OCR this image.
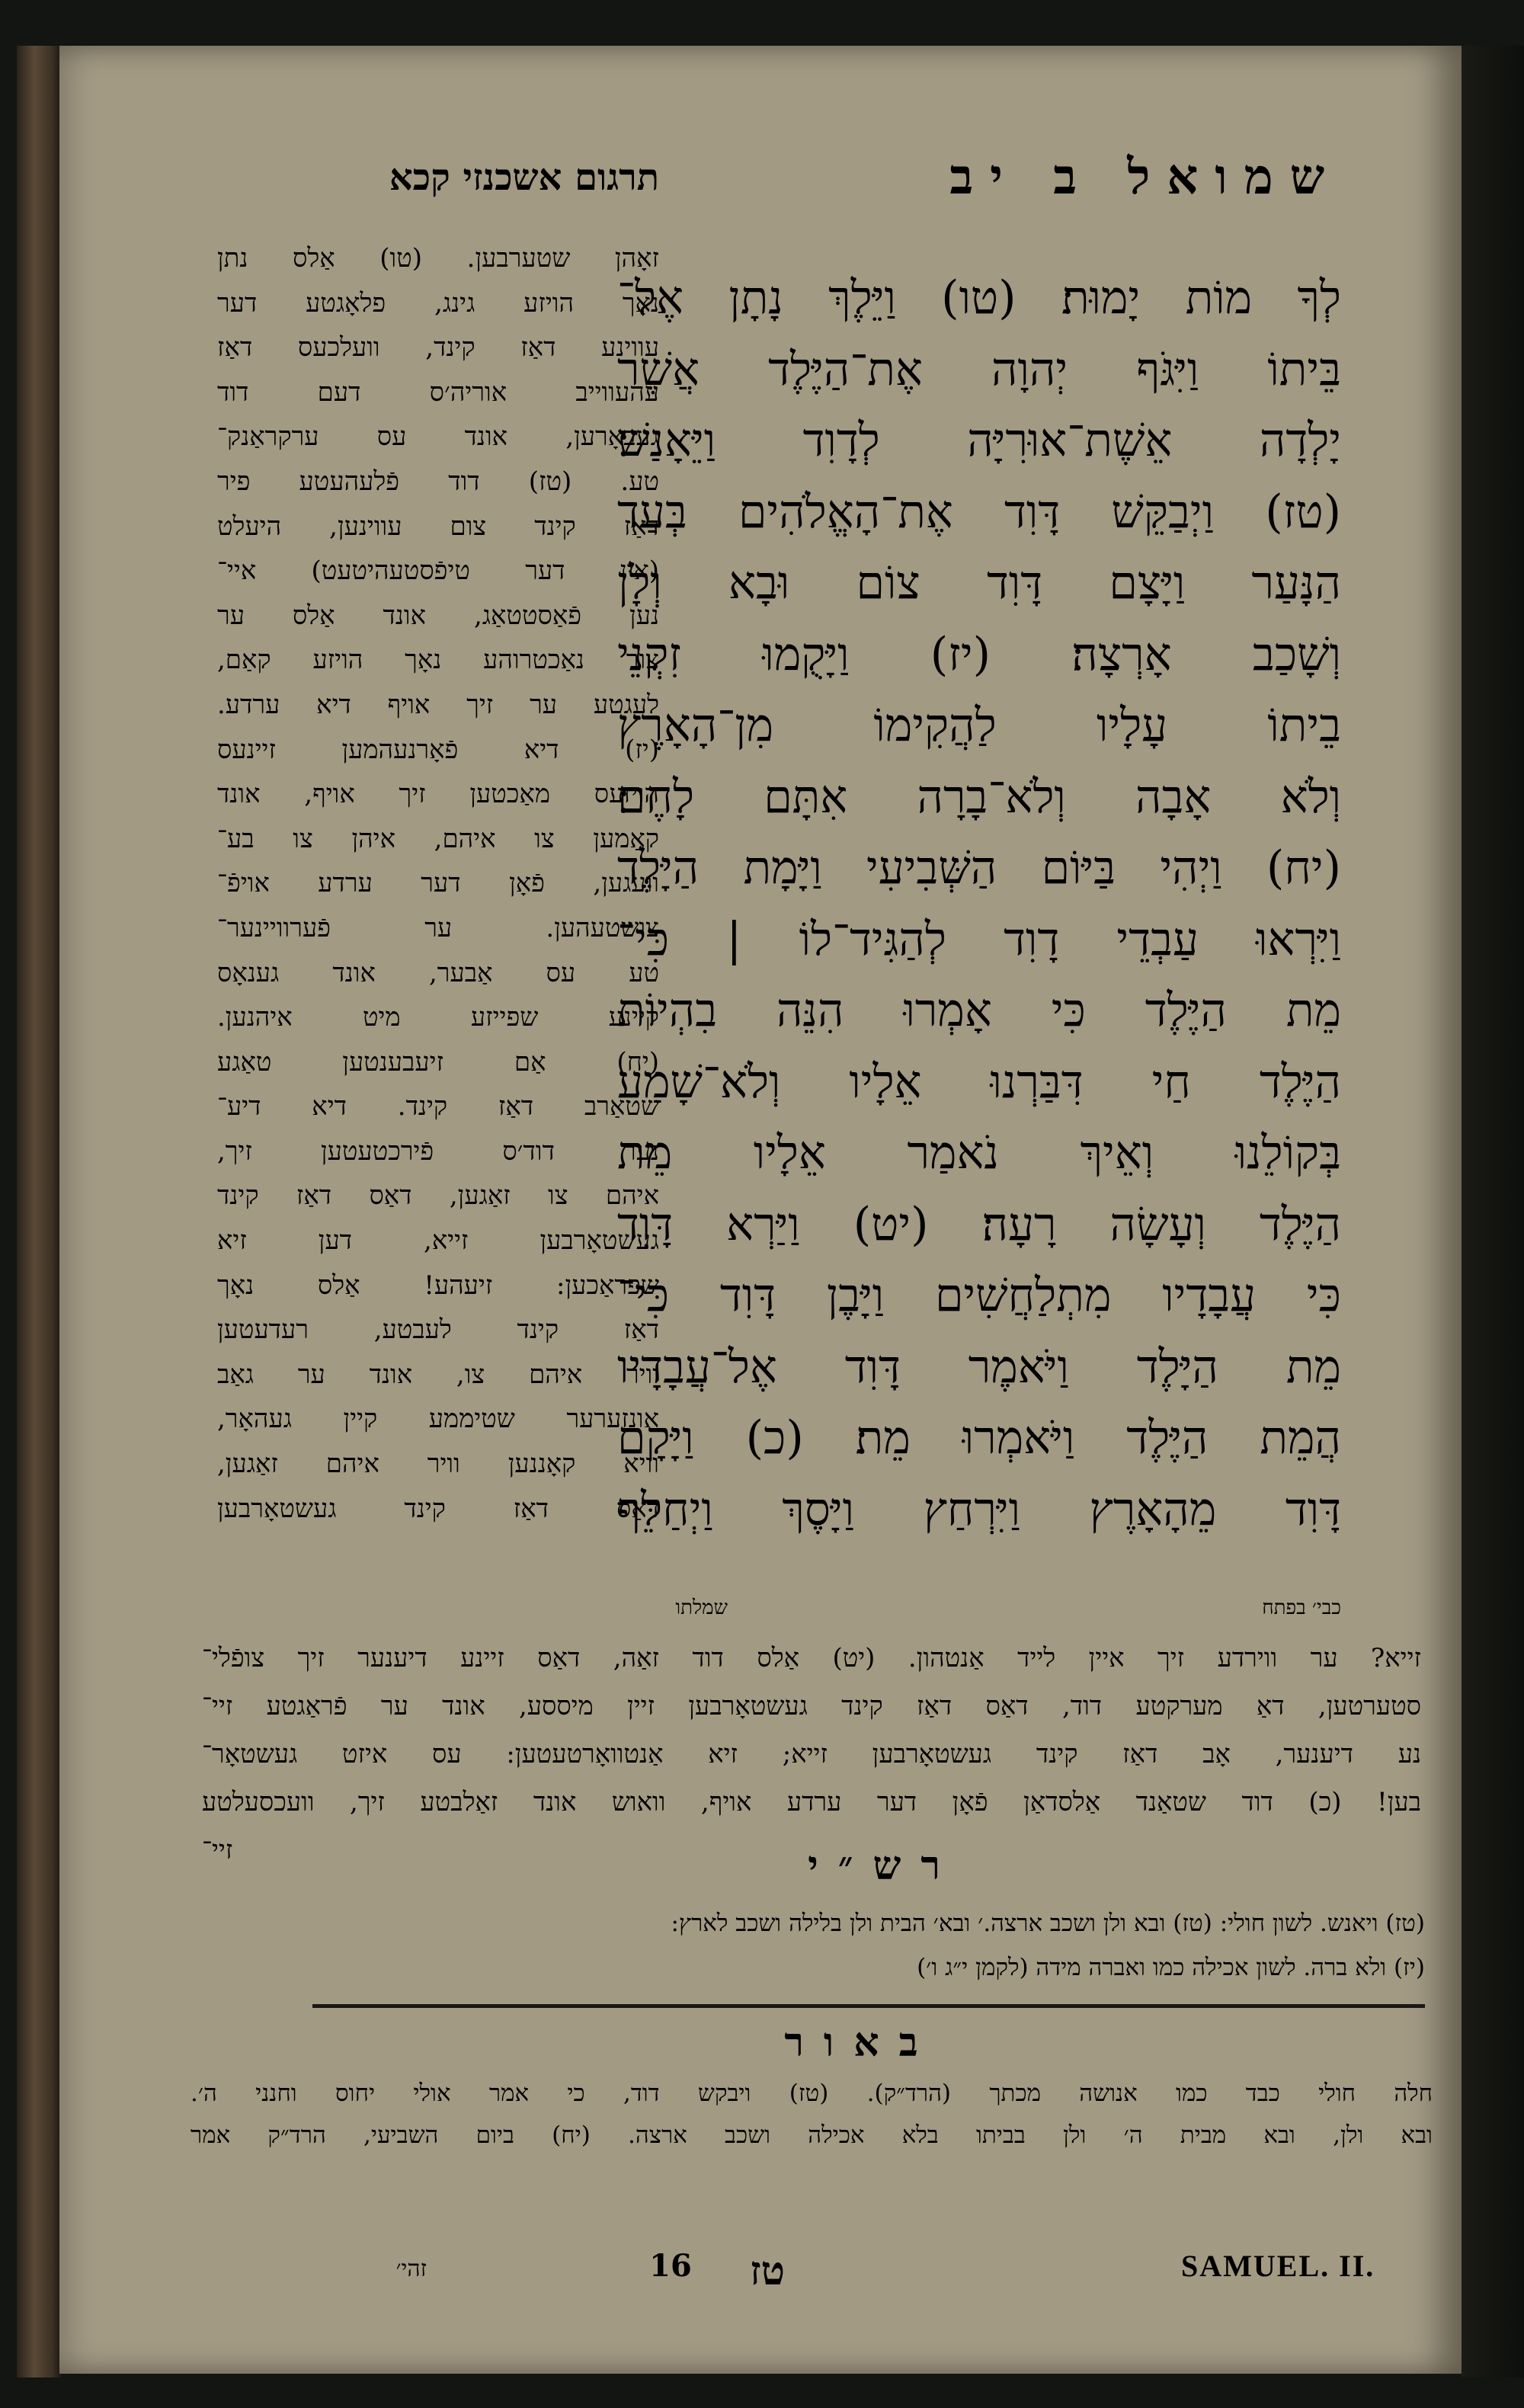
שמואל ב יב
תרגום אשכנזי קכא
לְךָ מוֹת יָמוּת׃ (טו) וַיֵּלֶךְ נָתָן אֶל־
בֵּיתוֹ וַיִּגֹּף יְהוָה אֶת־הַיֶּלֶד אֲשֶׁר
יָלְדָה אֵשֶׁת־אוּרִיָּה לְדָוִד וַיֵּאָנַשׁ׃
(טז) וַיְבַקֵּשׁ דָּוִד אֶת־הָאֱלֹהִים בְּעַד
הַנָּעַר וַיָּצָם דָּוִד צוֹם וּבָא וְלָן
וְשָׁכַב אָרְצָה׃ (יז) וַיָּקֻמוּ זִקְנֵי
בֵיתוֹ עָלָיו לַהֲקִימוֹ מִן־הָאָרֶץ
וְלֹא אָבָה וְלֹא־בָרָה אִתָּם לָחֶם׃
(יח) וַיְהִי בַּיּוֹם הַשְּׁבִיעִי וַיָּמָת הַיָּלֶד
וַיִּרְאוּ עַבְדֵי דָוִד לְהַגִּיד־לוֹ | כִּי־
מֵת הַיֶּלֶד כִּי אָמְרוּ הִנֵּה בִהְיוֹת
הַיֶּלֶד חַי דִּבַּרְנוּ אֵלָיו וְלֹא־שָׁמַע
בְּקוֹלֵנוּ וְאֵיךְ נֹאמַר אֵלָיו מֵת
הַיֶּלֶד וְעָשָׂה רָעָה׃ (יט) וַיַּרְא דָּוִד
כִּי עֲבָדָיו מִתְלַחֲשִׁים וַיָּבֶן דָּוִד כִּי־
מֵת הַיָּלֶד וַיֹּאמֶר דָּוִד אֶל־עֲבָדָיו
הֲמֵת הַיֶּלֶד וַיֹּאמְרוּ מֵת׃ (כ) וַיָּקָם
דָּוִד מֵהָאָרֶץ וַיִּרְחַץ וַיָּסֶךְ וַיְחַלֵּף
שמלתו	כבי׳ בפתח
זאָהן שטערבען. (טו) אַלס נתן
נאָך הויזע גינג, פלאָגטע דער
עווינע דאַז קינד, וועלכעס דאַז
עהעווייב אוריה׳ס דעם דוד
געבאָרען, אונד עס ערקראַנק־
טע. (טז) דוד פֿלעהעטע פיר
דאַז קינד צום עווינען, היעלט
(אין דער טיפֿסטעהיטעט) איי־
נען פֿאַסטטאַג, אונד אַלס ער
צור נאַכטרוהע נאָך הויזע קאַם,
לעגטע ער זיך אויף דיא ערדע.
(יז) דיא פֿאָרנעהמען זיינעס
הויזעס מאַכטען זיך אויף, אונד
קאַמען צו איהם, איהן צו בע־
וועגען, פֿאָן דער ערדע אויפֿ־
צושטעהען. ער פֿערוויינער־
טע עס אַבער, אונד גענאָס
קיינע שפייזע מיט איהנען.
(יח) אַם זיעבענטען טאַגע
שטאַרב דאַז קינד. דיא דיע־
נער דוד׳ס פֿירכטעטען זיך,
איהם צו זאַגען, דאַס דאַז קינד
געשטאָרבען זייא, דען זיא
שפראַכען: זיעהע! אַלס נאָך
דאַז קינד לעבטע, רעדעטען
וויר איהם צו, אונד ער גאַב
אונזערער שטיממע קיין געהאָר,
וויא קאָננען וויר איהם זאַגען,
דאַס דאַז קינד געשטאָרבען
זייא? ער ווירדע זיך איין לייד אַנטהון. (יט) אַלס דוד זאַה, דאַס זיינע דיענער זיך צופֿלי־
סטערטען, דאַ מערקטע דוד, דאַס דאַז קינד געשטאָרבען זיין מיססע, אונד ער פֿראַגטע זיי־
נע דיענער, אָב דאַז קינד געשטאָרבען זייא; זיא אַנטוואָרטעטען: עס איזט געשטאָר־
בען! (כ) דוד שטאַנד אַלסדאַן פֿאָן דער ערדע אויף, וואוש אונד זאַלבטע זיך, וועכסעלטע
זיי־	רש״י
(טז) ויאנש. לשון חולי: (טז) ובא ולן ושכב ארצה.׳ ובא׳ הבית ולן בלילה ושכב לארץ:
(יז) ולא ברה. לשון אכילה כמו ואברה מידה (לקמן י״ג ו׳)
באור
חלה חולי כבד כמו אנושה מכתך (הרד״ק). (טז) ויבקש דוד, כי אמר אולי יחוס וחנני ה׳.
ובא ולן, ובא מבית ה׳ ולן בביתו בלא אכילה ושכב ארצה. (יח) ביום השביעי, הרד״ק אמר
SAMUEL. II.
16	טז
זהי׳
